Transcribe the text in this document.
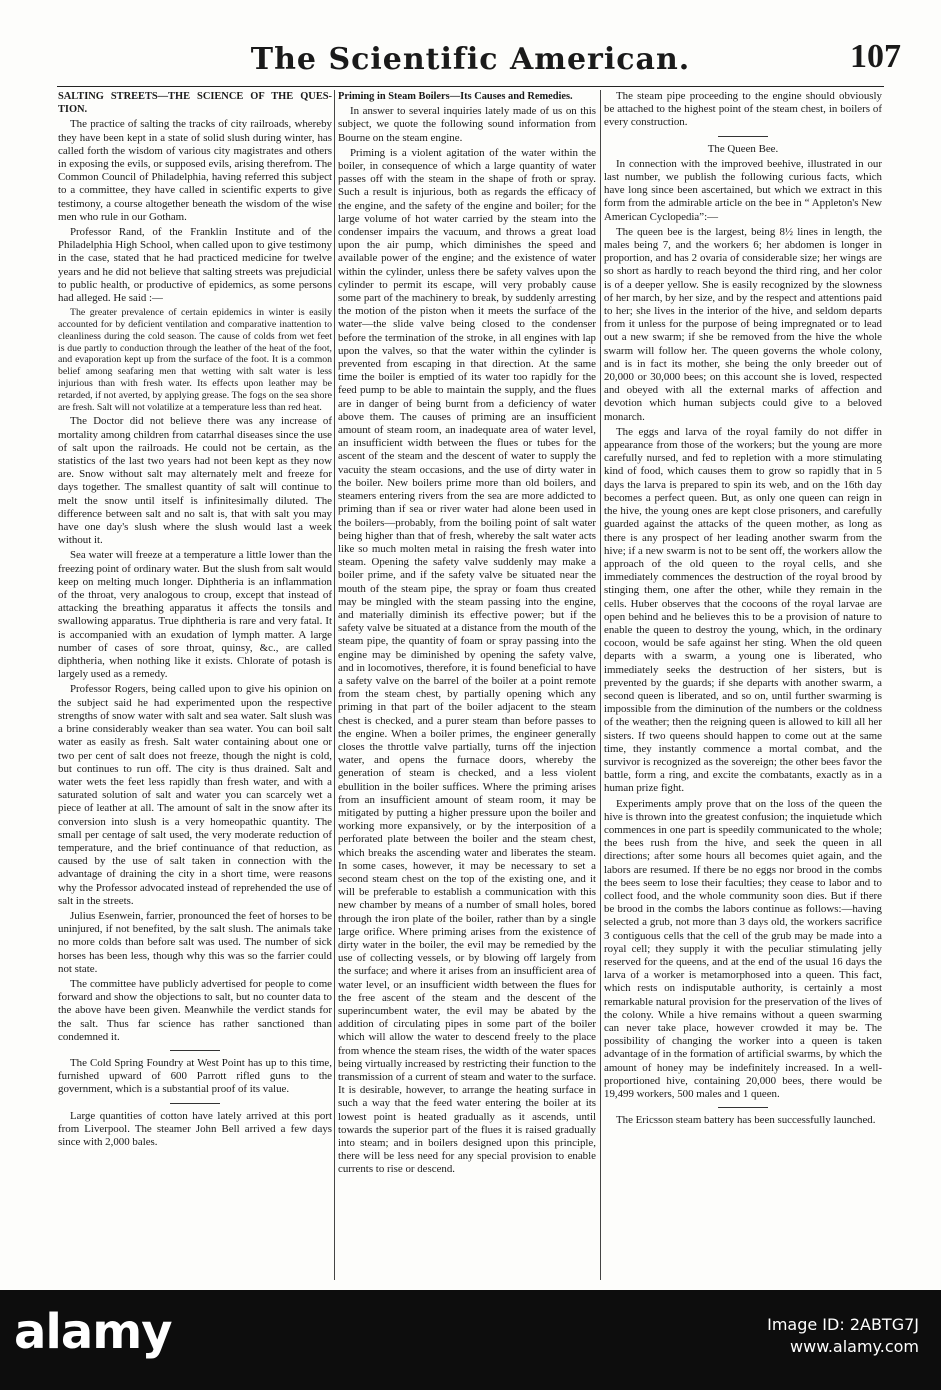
The Scientific American.	107

SALTING STREETS—THE SCIENCE OF THE QUES- TION.

The practice of salting the tracks of city railroads, whereby they have been kept in a state of solid slush during winter, has called forth the wisdom of various city magistrates and others in exposing the evils, or supposed evils, arising therefrom. The Common Council of Philadelphia, having referred this subject to a committee, they have called in scientific experts to give testimony, a course altogether beneath the wisdom of the wise men who rule in our Gotham.

Professor Rand, of the Franklin Institute and of the Philadelphia High School, when called upon to give testimony in the case, stated that he had practiced medicine for twelve years and he did not believe that salting streets was prejudicial to public health, or productive of epidemics, as some persons had alleged. He said :—

The greater prevalence of certain epidemics in winter is easily accounted for by deficient ventilation and comparative inattention to cleanliness during the cold season. The cause of colds from wet feet is due partly to conduction through the leather of the heat of the foot, and evaporation kept up from the surface of the foot. It is a common belief among seafaring men that wetting with salt water is less injurious than with fresh water. Its effects upon leather may be retarded, if not averted, by applying grease. The fogs on the sea shore are fresh. Salt will not volatilize at a temperature less than red heat.

The Doctor did not believe there was any increase of mortality among children from catarrhal diseases since the use of salt upon the railroads. He could not be certain, as the statistics of the last two years had not been kept as they now are. Snow without salt may alternately melt and freeze for days together. The smallest quantity of salt will continue to melt the snow until itself is infinitesimally diluted. The difference between salt and no salt is, that with salt you may have one day's slush where the slush would last a week without it.

Sea water will freeze at a temperature a little lower than the freezing point of ordinary water. But the slush from salt would keep on melting much longer. Diphtheria is an inflammation of the throat, very analogous to croup, except that instead of attacking the breathing apparatus it affects the tonsils and swallowing apparatus. True diphtheria is rare and very fatal. It is accompanied with an exudation of lymph matter. A large number of cases of sore throat, quinsy, &c., are called diphtheria, when nothing like it exists. Chlorate of potash is largely used as a remedy.

Professor Rogers, being called upon to give his opinion on the subject said he had experimented upon the respective strengths of snow water with salt and sea water. Salt slush was a brine considerably weaker than sea water. You can boil salt water as easily as fresh. Salt water containing about one or two per cent of salt does not freeze, though the night is cold, but continues to run off. The city is thus drained. Salt and water wets the feet less rapidly than fresh water, and with a saturated solution of salt and water you can scarcely wet a piece of leather at all. The amount of salt in the snow after its conversion into slush is a very homeopathic quantity. The small per centage of salt used, the very moderate reduction of temperature, and the brief continuance of that reduction, as caused by the use of salt taken in connection with the advantage of draining the city in a short time, were reasons why the Professor advocated instead of reprehended the use of salt in the streets.

Julius Esenwein, farrier, pronounced the feet of horses to be uninjured, if not benefited, by the salt slush. The animals take no more colds than before salt was used. The number of sick horses has been less, though why this was so the farrier could not state.

The committee have publicly advertised for people to come forward and show the objections to salt, but no counter data to the above have been given. Meanwhile the verdict stands for the salt. Thus far science has rather sanctioned than condemned it.

The Cold Spring Foundry at West Point has up to this time, furnished upward of 600 Parrott rifled guns to the government, which is a substantial proof of its value.

Large quantities of cotton have lately arrived at this port from Liverpool. The steamer John Bell arrived a few days since with 2,000 bales.

Priming in Steam Boilers—Its Causes and Remedies.

In answer to several inquiries lately made of us on this subject, we quote the following sound information from Bourne on the steam engine.

Priming is a violent agitation of the water within the boiler, in consequence of which a large quantity of water passes off with the steam in the shape of froth or spray. Such a result is injurious, both as regards the efficacy of the engine, and the safety of the engine and boiler; for the large volume of hot water carried by the steam into the condenser impairs the vacuum, and throws a great load upon the air pump, which diminishes the speed and available power of the engine; and the existence of water within the cylinder, unless there be safety valves upon the cylinder to permit its escape, will very probably cause some part of the machinery to break, by suddenly arresting the motion of the piston when it meets the surface of the water—the slide valve being closed to the condenser before the termination of the stroke, in all engines with lap upon the valves, so that the water within the cylinder is prevented from escaping in that direction. At the same time the boiler is emptied of its water too rapidly for the feed pump to be able to maintain the supply, and the flues are in danger of being burnt from a deficiency of water above them. The causes of priming are an insufficient amount of steam room, an inadequate area of water level, an insufficient width between the flues or tubes for the ascent of the steam and the descent of water to supply the vacuity the steam occasions, and the use of dirty water in the boiler. New boilers prime more than old boilers, and steamers entering rivers from the sea are more addicted to priming than if sea or river water had alone been used in the boilers—probably, from the boiling point of salt water being higher than that of fresh, whereby the salt water acts like so much molten metal in raising the fresh water into steam. Opening the safety valve suddenly may make a boiler prime, and if the safety valve be situated near the mouth of the steam pipe, the spray or foam thus created may be mingled with the steam passing into the engine, and materially diminish its effective power; but if the safety valve be situated at a distance from the mouth of the steam pipe, the quantity of foam or spray passing into the engine may be diminished by opening the safety valve, and in locomotives, therefore, it is found beneficial to have a safety valve on the barrel of the boiler at a point remote from the steam chest, by partially opening which any priming in that part of the boiler adjacent to the steam chest is checked, and a purer steam than before passes to the engine. When a boiler primes, the engineer generally closes the throttle valve partially, turns off the injection water, and opens the furnace doors, whereby the generation of steam is checked, and a less violent ebullition in the boiler suffices. Where the priming arises from an insufficient amount of steam room, it may be mitigated by putting a higher pressure upon the boiler and working more expansively, or by the interposition of a perforated plate between the boiler and the steam chest, which breaks the ascending water and liberates the steam. In some cases, however, it may be necessary to set a second steam chest on the top of the existing one, and it will be preferable to establish a communication with this new chamber by means of a number of small holes, bored through the iron plate of the boiler, rather than by a single large orifice. Where priming arises from the existence of dirty water in the boiler, the evil may be remedied by the use of collecting vessels, or by blowing off largely from the surface; and where it arises from an insufficient area of water level, or an insufficient width between the flues for the free ascent of the steam and the descent of the superincumbent water, the evil may be abated by the addition of circulating pipes in some part of the boiler which will allow the water to descend freely to the place from whence the steam rises, the width of the water spaces being virtually increased by restricting their function to the transmission of a current of steam and water to the surface. It is desirable, however, to arrange the heating surface in such a way that the feed water entering the boiler at its lowest point is heated gradually as it ascends, until towards the superior part of the flues it is raised gradually into steam; and in boilers designed upon this principle, there will be less need for any special provision to enable currents to rise or descend.

The steam pipe proceeding to the engine should obviously be attached to the highest point of the steam chest, in boilers of every construction.

The Queen Bee.

In connection with the improved beehive, illustrated in our last number, we publish the following curious facts, which have long since been ascertained, but which we extract in this form from the admirable article on the bee in “ Appleton's New American Cyclopedia”:—

The queen bee is the largest, being 8½ lines in length, the males being 7, and the workers 6; her abdomen is longer in proportion, and has 2 ovaria of considerable size; her wings are so short as hardly to reach beyond the third ring, and her color is of a deeper yellow. She is easily recognized by the slowness of her march, by her size, and by the respect and attentions paid to her; she lives in the interior of the hive, and seldom departs from it unless for the purpose of being impregnated or to lead out a new swarm; if she be removed from the hive the whole swarm will follow her. The queen governs the whole colony, and is in fact its mother, she being the only breeder out of 20,000 or 30,000 bees; on this account she is loved, respected and obeyed with all the external marks of affection and devotion which human subjects could give to a beloved monarch.

The eggs and larva of the royal family do not differ in appearance from those of the workers; but the young are more carefully nursed, and fed to repletion with a more stimulating kind of food, which causes them to grow so rapidly that in 5 days the larva is prepared to spin its web, and on the 16th day becomes a perfect queen. But, as only one queen can reign in the hive, the young ones are kept close prisoners, and carefully guarded against the attacks of the queen mother, as long as there is any prospect of her leading another swarm from the hive; if a new swarm is not to be sent off, the workers allow the approach of the old queen to the royal cells, and she immediately commences the destruction of the royal brood by stinging them, one after the other, while they remain in the cells. Huber observes that the cocoons of the royal larvae are open behind and he believes this to be a provision of nature to enable the queen to destroy the young, which, in the ordinary cocoon, would be safe against her sting. When the old queen departs with a swarm, a young one is liberated, who immediately seeks the destruction of her sisters, but is prevented by the guards; if she departs with another swarm, a second queen is liberated, and so on, until further swarming is impossible from the diminution of the numbers or the coldness of the weather; then the reigning queen is allowed to kill all her sisters. If two queens should happen to come out at the same time, they instantly commence a mortal combat, and the survivor is recognized as the sovereign; the other bees favor the battle, form a ring, and excite the combatants, exactly as in a human prize fight.

Experiments amply prove that on the loss of the queen the hive is thrown into the greatest confusion; the inquietude which commences in one part is speedily communicated to the whole; the bees rush from the hive, and seek the queen in all directions; after some hours all becomes quiet again, and the labors are resumed. If there be no eggs nor brood in the combs the bees seem to lose their faculties; they cease to labor and to collect food, and the whole community soon dies. But if there be brood in the combs the labors continue as follows:—having selected a grub, not more than 3 days old, the workers sacrifice 3 contiguous cells that the cell of the grub may be made into a royal cell; they supply it with the peculiar stimulating jelly reserved for the queens, and at the end of the usual 16 days the larva of a worker is metamorphosed into a queen. This fact, which rests on indisputable authority, is certainly a most remarkable natural provision for the preservation of the lives of the colony. While a hive remains without a queen swarming can never take place, however crowded it may be. The possibility of changing the worker into a queen is taken advantage of in the formation of artificial swarms, by which the amount of honey may be indefinitely increased. In a well-proportioned hive, containing 20,000 bees, there would be 19,499 workers, 500 males and 1 queen.

The Ericsson steam battery has been successfully launched.

alamy	Image ID: 2ABTG7J
www.alamy.com
